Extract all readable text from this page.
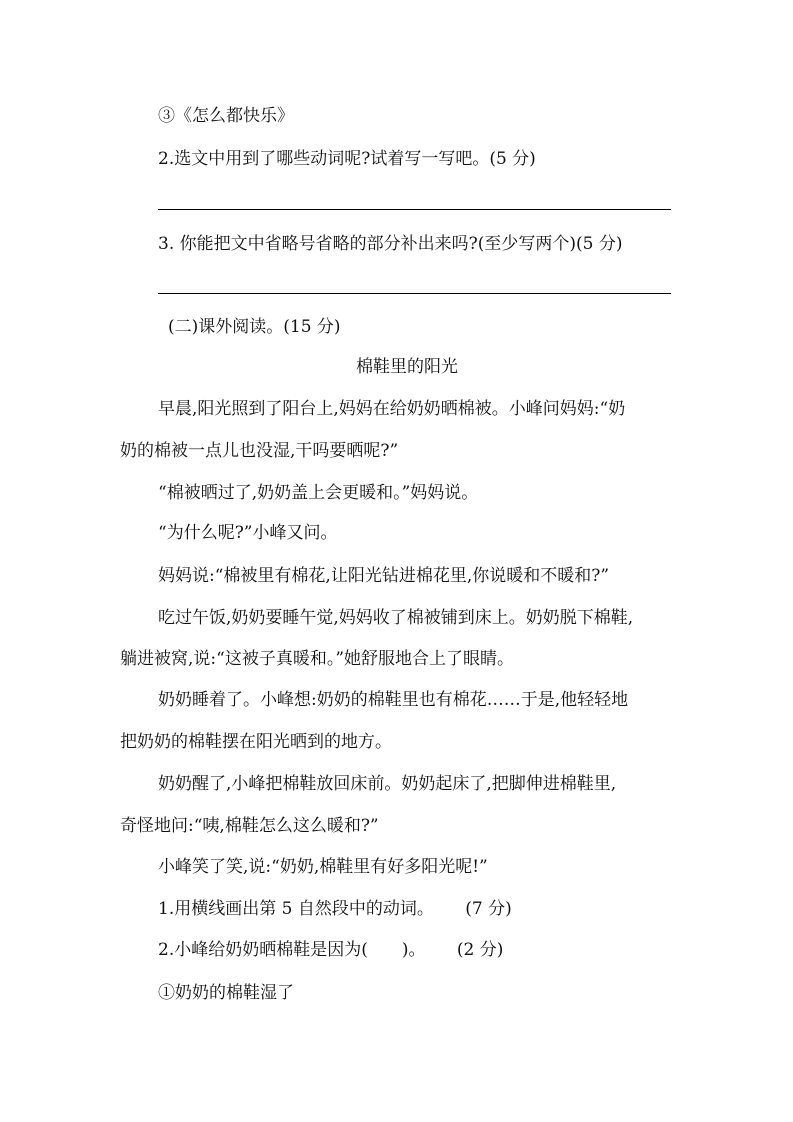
③《怎么都快乐》
2.选文中用到了哪些动词呢?试着写一写吧。(5 分)
3. 你能把文中省略号省略的部分补出来吗?(至少写两个)(5 分)
(二)课外阅读。(15 分)
棉鞋里的阳光
早晨,阳光照到了阳台上,妈妈在给奶奶晒棉被。小峰问妈妈:“奶
奶的棉被一点儿也没湿,干吗要晒呢?”
“棉被晒过了,奶奶盖上会更暖和。”妈妈说。
“为什么呢?”小峰又问。
妈妈说:“棉被里有棉花,让阳光钻进棉花里,你说暖和不暖和?”
吃过午饭,奶奶要睡午觉,妈妈收了棉被铺到床上。奶奶脱下棉鞋,
躺进被窝,说:“这被子真暖和。”她舒服地合上了眼睛。
奶奶睡着了。小峰想:奶奶的棉鞋里也有棉花……于是,他轻轻地
把奶奶的棉鞋摆在阳光晒到的地方。
奶奶醒了,小峰把棉鞋放回床前。奶奶起床了,把脚伸进棉鞋里,
奇怪地问:“咦,棉鞋怎么这么暖和?”
小峰笑了笑,说:“奶奶,棉鞋里有好多阳光呢!”
1.用横线画出第 5 自然段中的动词。 (7 分)
2.小峰给奶奶晒棉鞋是因为(　　)。 (2 分)
①奶奶的棉鞋湿了
